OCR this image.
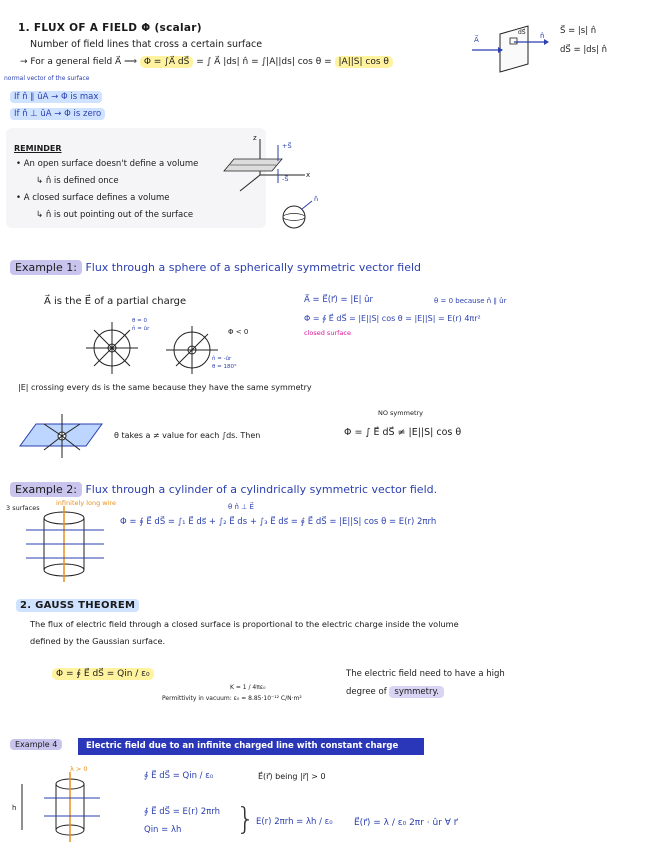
1. FLUX OF A FIELD Φ (scalar)
Number of field lines that cross a certain surface
→ For a general field A⃗ ⟹ Φ = ∫A⃗ dS⃗ = ∫ A⃗ |ds| n̂ = ∫|A||ds| cos θ = |A||S| cos θ
normal vector of the surface
If n̂ ∥ ûA → Φ is max
If n̂ ⊥ ûA → Φ is zero
S⃗ = |s| n̂
dS⃗ = |ds| n̂
A⃗
dS⃗ n̂
REMINDER
• An open surface doesn't define a volume
↳ n̂ is defined once
• A closed surface defines a volume
↳ n̂ is out pointing out of the surface
z
x
+S⃗
-S⃗
n̂
Example 1: Flux through a sphere of a spherically symmetric vector field
A⃗ is the E⃗ of a partial charge
θ = 0
n̂ = ûr	Φ < 0
n̂ = -ûr
θ = 180°
A⃗ = E⃗(r⃗) = |E| ûr	θ = 0 because n̂ ∥ ûr
Φ = ∮ E⃗ dS⃗ = |E||S| cos θ = |E||S| = E(r) 4πr²
closed surface
|E| crossing every ds is the same because they have the same symmetry
NO symmetry
θ takes a ≠ value for each ∫ds. Then	Φ = ∫ E⃗ dS⃗ ≠ |E||S| cos θ
Example 2: Flux through a cylinder of a cylindrically symmetric vector field.
3 surfaces
infinitely long wire	θ n̂ ⊥ E⃗
Φ = ∮ E⃗ dS⃗ = ∫₁ E⃗ ds⃗ + ∫₂ E⃗ ds + ∫₃ E⃗ ds⃗ = ∮ E⃗ dS⃗ = |E||S| cos θ = E(r) 2πrh
2. GAUSS THEOREM
The flux of electric field through a closed surface is proportional to the electric charge inside the volume
defined by the Gaussian surface.
Φ = ∮ E⃗ dS⃗ = Qin / ε₀
K = 1 / 4πε₀
Permittivity in vacuum: ε₀ = 8.85·10⁻¹² C/N·m²
The electric field need to have a high
degree of symmetry.
Example 4	Electric field due to an infinite charged line with constant charge density λ > 0
λ > 0
h
∮ E⃗ dS⃗ = Qin / ε₀	E⃗(r⃗) being |r⃗| > 0
∮ E⃗ dS⃗ = E(r) 2πrh
Qin = λh } E(r) 2πrh = λh / ε₀ E⃗(r⃗) = λ / ε₀ 2πr · ûr ∀ r⃗
